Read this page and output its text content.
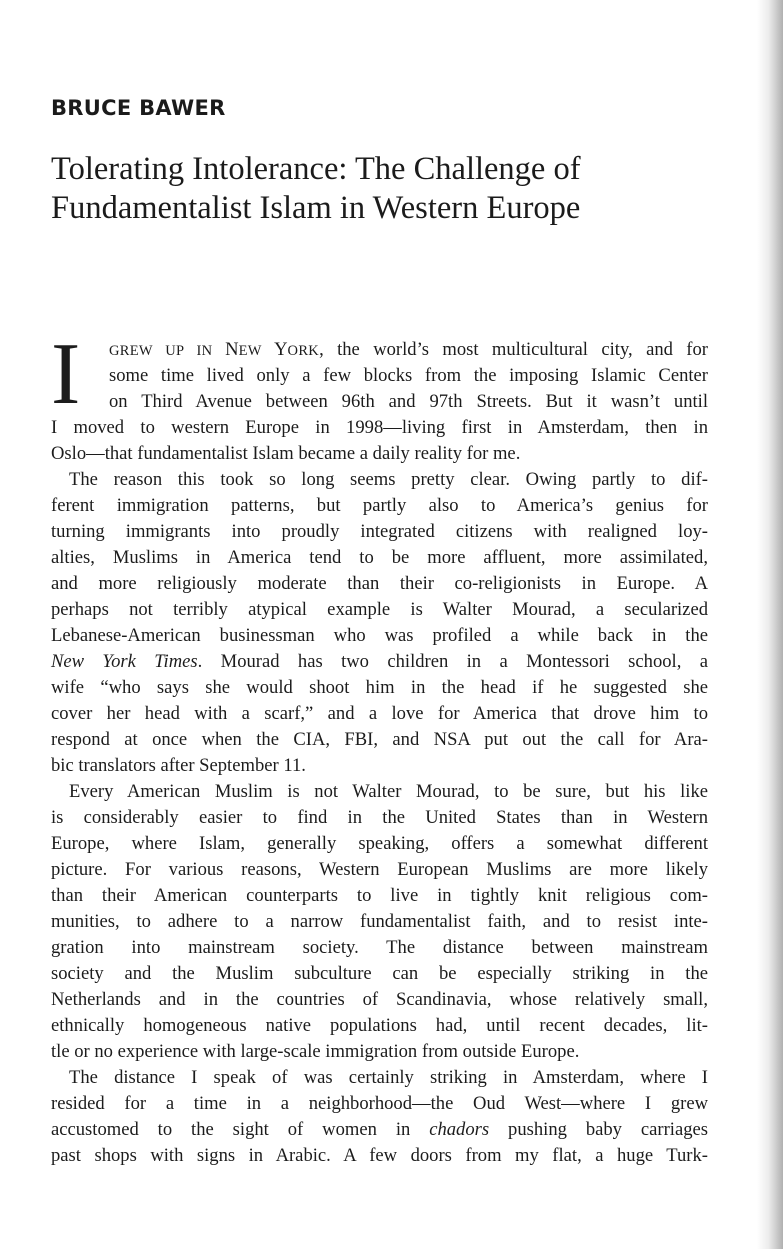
BRUCE BAWER
Tolerating Intolerance: The Challenge of
Fundamentalist Islam in Western Europe
I	GREW UP IN NEW YORK, the world’s most multicultural city, and for
some time lived only a few blocks from the imposing Islamic Center
on Third Avenue between 96th and 97th Streets. But it wasn’t until
I moved to western Europe in 1998—living first in Amsterdam, then in
Oslo—that fundamentalist Islam became a daily reality for me.

The reason this took so long seems pretty clear. Owing partly to dif-
ferent immigration patterns, but partly also to America’s genius for
turning immigrants into proudly integrated citizens with realigned loy-
alties, Muslims in America tend to be more affluent, more assimilated,
and more religiously moderate than their co-religionists in Europe. A
perhaps not terribly atypical example is Walter Mourad, a secularized
Lebanese-American businessman who was profiled a while back in the
New York Times. Mourad has two children in a Montessori school, a
wife “who says she would shoot him in the head if he suggested she
cover her head with a scarf,” and a love for America that drove him to
respond at once when the CIA, FBI, and NSA put out the call for Ara-
bic translators after September 11.

Every American Muslim is not Walter Mourad, to be sure, but his like
is considerably easier to find in the United States than in Western
Europe, where Islam, generally speaking, offers a somewhat different
picture. For various reasons, Western European Muslims are more likely
than their American counterparts to live in tightly knit religious com-
munities, to adhere to a narrow fundamentalist faith, and to resist inte-
gration into mainstream society. The distance between mainstream
society and the Muslim subculture can be especially striking in the
Netherlands and in the countries of Scandinavia, whose relatively small,
ethnically homogeneous native populations had, until recent decades, lit-
tle or no experience with large-scale immigration from outside Europe.

The distance I speak of was certainly striking in Amsterdam, where I
resided for a time in a neighborhood—the Oud West—where I grew
accustomed to the sight of women in chadors pushing baby carriages
past shops with signs in Arabic. A few doors from my flat, a huge Turk-
